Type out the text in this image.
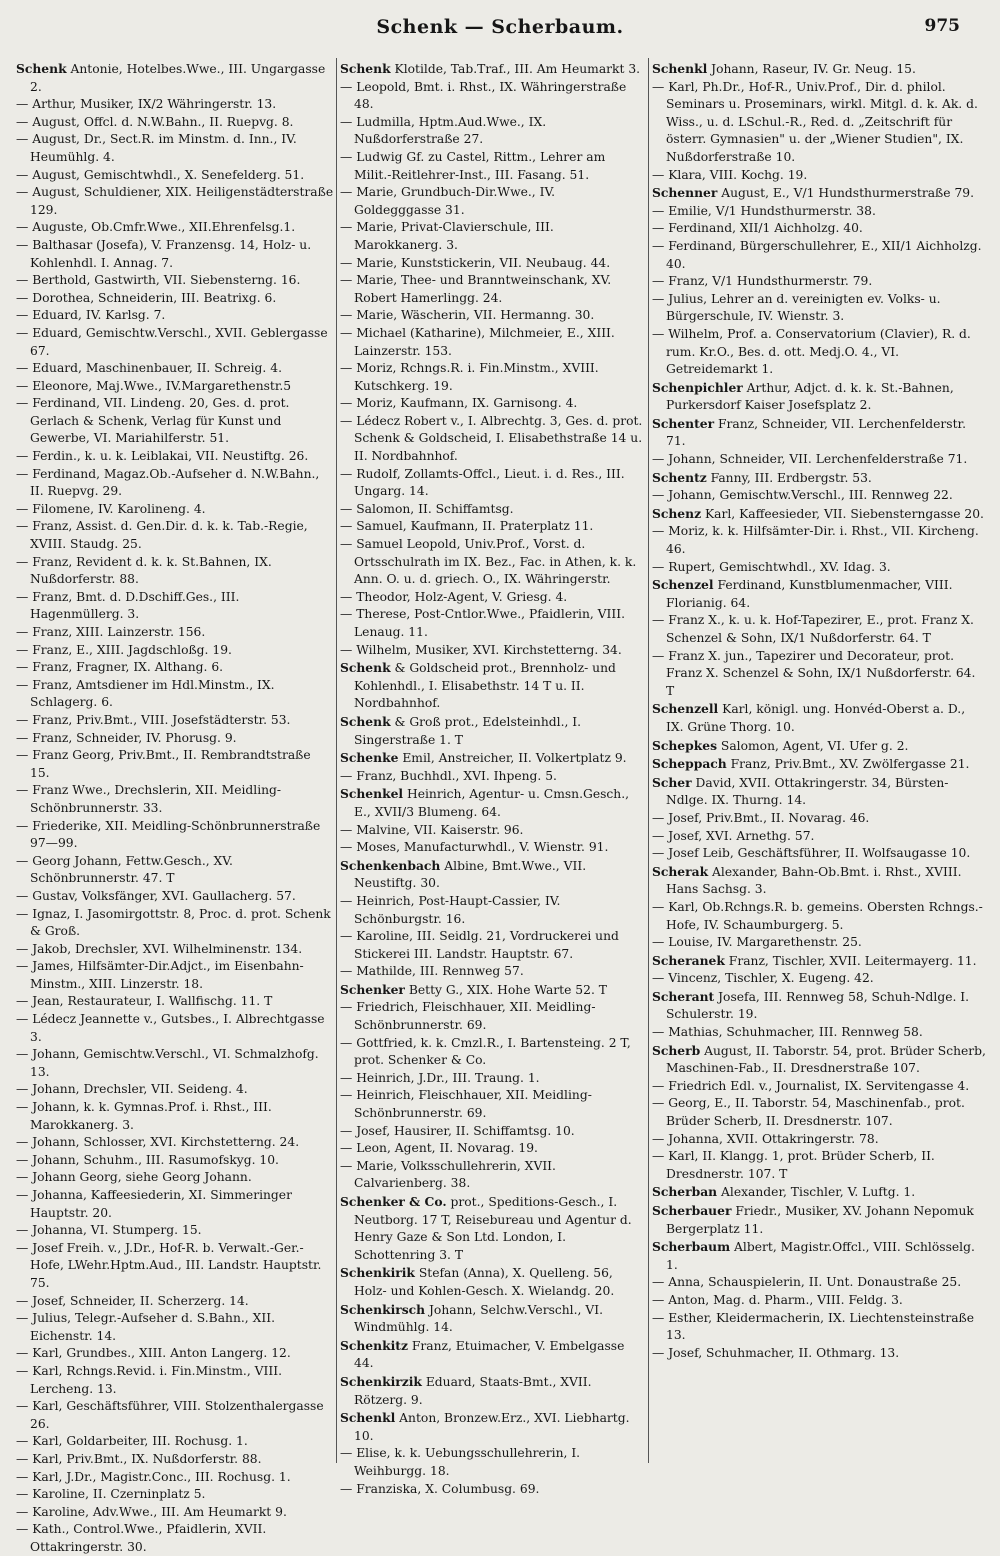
Schenk — Scherbaum.	975

Schenk Antonie, Hotelbes.Wwe., III. Ungargasse 2.

— Arthur, Musiker, IX/2 Währingerstr. 13.

— August, Offcl. d. N.W.Bahn., II. Ruepvg. 8.

— August, Dr., Sect.R. im Minstm. d. Inn., IV. Heumühlg. 4.

— August, Gemischtwhdl., X. Senefelderg. 51.

— August, Schuldiener, XIX. Heiligenstädterstraße 129.

— Auguste, Ob.Cmfr.Wwe., XII.Ehrenfelsg.1.

— Balthasar (Josefa), V. Franzensg. 14, Holz- u. Kohlenhdl. I. Annag. 7.

— Berthold, Gastwirth, VII. Siebensterng. 16.

— Dorothea, Schneiderin, III. Beatrixg. 6.

— Eduard, IV. Karlsg. 7.

— Eduard, Gemischtw.Verschl., XVII. Geblergasse 67.

— Eduard, Maschinenbauer, II. Schreig. 4.

— Eleonore, Maj.Wwe., IV.Margarethenstr.5

— Ferdinand, VII. Lindeng. 20, Ges. d. prot. Gerlach & Schenk, Verlag für Kunst und Gewerbe, VI. Mariahilferstr. 51.

— Ferdin., k. u. k. Leiblakai, VII. Neustiftg. 26.

— Ferdinand, Magaz.Ob.-Aufseher d. N.W.Bahn., II. Ruepvg. 29.

— Filomene, IV. Karolineng. 4.

— Franz, Assist. d. Gen.Dir. d. k. k. Tab.-Regie, XVIII. Staudg. 25.

— Franz, Revident d. k. k. St.Bahnen, IX. Nußdorferstr. 88.

— Franz, Bmt. d. D.Dschiff.Ges., III. Hagenmüllerg. 3.

— Franz, XIII. Lainzerstr. 156.

— Franz, E., XIII. Jagdschloßg. 19.

— Franz, Fragner, IX. Althang. 6.

— Franz, Amtsdiener im Hdl.Minstm., IX. Schlagerg. 6.

— Franz, Priv.Bmt., VIII. Josefstädterstr. 53.

— Franz, Schneider, IV. Phorusg. 9.

— Franz Georg, Priv.Bmt., II. Rembrandtstraße 15.

— Franz Wwe., Drechslerin, XII. Meidling-Schönbrunnerstr. 33.

— Friederike, XII. Meidling-Schönbrunnerstraße 97—99.

— Georg Johann, Fettw.Gesch., XV. Schönbrunnerstr. 47. T

— Gustav, Volksfänger, XVI. Gaullacherg. 57.

— Ignaz, I. Jasomirgottstr. 8, Proc. d. prot. Schenk & Groß.

— Jakob, Drechsler, XVI. Wilhelminenstr. 134.

— James, Hilfsämter-Dir.Adjct., im Eisenbahn-Minstm., XIII. Linzerstr. 18.

— Jean, Restaurateur, I. Wallfischg. 11. T

— Lédecz Jeannette v., Gutsbes., I. Albrechtgasse 3.

— Johann, Gemischtw.Verschl., VI. Schmalzhofg. 13.

— Johann, Drechsler, VII. Seideng. 4.

— Johann, k. k. Gymnas.Prof. i. Rhst., III. Marokkanerg. 3.

— Johann, Schlosser, XVI. Kirchstetterng. 24.

— Johann, Schuhm., III. Rasumofskyg. 10.

— Johann Georg, siehe Georg Johann.

— Johanna, Kaffeesiederin, XI. Simmeringer Hauptstr. 20.

— Johanna, VI. Stumperg. 15.

— Josef Freih. v., J.Dr., Hof-R. b. Verwalt.-Ger.-Hofe, LWehr.Hptm.Aud., III. Landstr. Hauptstr. 75.

— Josef, Schneider, II. Scherzerg. 14.

— Julius, Telegr.-Aufseher d. S.Bahn., XII. Eichenstr. 14.

— Karl, Grundbes., XIII. Anton Langerg. 12.

— Karl, Rchngs.Revid. i. Fin.Minstm., VIII. Lercheng. 13.

— Karl, Geschäftsführer, VIII. Stolzenthalergasse 26.

— Karl, Goldarbeiter, III. Rochusg. 1.

— Karl, Priv.Bmt., IX. Nußdorferstr. 88.

— Karl, J.Dr., Magistr.Conc., III. Rochusg. 1.

— Karoline, II. Czerninplatz 5.

— Karoline, Adv.Wwe., III. Am Heumarkt 9.

— Kath., Control.Wwe., Pfaidlerin, XVII. Ottakringerstr. 30.

Schenk Klotilde, Tab.Traf., III. Am Heumarkt 3.

— Leopold, Bmt. i. Rhst., IX. Währingerstraße 48.

— Ludmilla, Hptm.Aud.Wwe., IX. Nußdorferstraße 27.

— Ludwig Gf. zu Castel, Rittm., Lehrer am Milit.-Reitlehrer-Inst., III. Fasang. 51.

— Marie, Grundbuch-Dir.Wwe., IV. Goldegggasse 31.

— Marie, Privat-Clavierschule, III. Marokkanerg. 3.

— Marie, Kunststickerin, VII. Neubaug. 44.

— Marie, Thee- und Branntweinschank, XV. Robert Hamerlingg. 24.

— Marie, Wäscherin, VII. Hermanng. 30.

— Michael (Katharine), Milchmeier, E., XIII. Lainzerstr. 153.

— Moriz, Rchngs.R. i. Fin.Minstm., XVIII. Kutschkerg. 19.

— Moriz, Kaufmann, IX. Garnisong. 4.

— Lédecz Robert v., I. Albrechtg. 3, Ges. d. prot. Schenk & Goldscheid, I. Elisabethstraße 14 u. II. Nordbahnhof.

— Rudolf, Zollamts-Offcl., Lieut. i. d. Res., III. Ungarg. 14.

— Salomon, II. Schiffamtsg.

— Samuel, Kaufmann, II. Praterplatz 11.

— Samuel Leopold, Univ.Prof., Vorst. d. Ortsschulrath im IX. Bez., Fac. in Athen, k. k. Ann. O. u. d. griech. O., IX. Währingerstr.

— Theodor, Holz-Agent, V. Griesg. 4.

— Therese, Post-Cntlor.Wwe., Pfaidlerin, VIII. Lenaug. 11.

— Wilhelm, Musiker, XVI. Kirchstetterng. 34.

Schenk & Goldscheid prot., Brennholz- und Kohlenhdl., I. Elisabethstr. 14 T u. II. Nordbahnhof.

Schenk & Groß prot., Edelsteinhdl., I. Singerstraße 1. T

Schenke Emil, Anstreicher, II. Volkertplatz 9.

— Franz, Buchhdl., XVI. Ihpeng. 5.

Schenkel Heinrich, Agentur- u. Cmsn.Gesch., E., XVII/3 Blumeng. 64.

— Malvine, VII. Kaiserstr. 96.

— Moses, Manufacturwhdl., V. Wienstr. 91.

Schenkenbach Albine, Bmt.Wwe., VII. Neustiftg. 30.

— Heinrich, Post-Haupt-Cassier, IV. Schönburgstr. 16.

— Karoline, III. Seidlg. 21, Vordruckerei und Stickerei III. Landstr. Hauptstr. 67.

— Mathilde, III. Rennweg 57.

Schenker Betty G., XIX. Hohe Warte 52. T

— Friedrich, Fleischhauer, XII. Meidling-Schönbrunnerstr. 69.

— Gottfried, k. k. Cmzl.R., I. Bartensteing. 2 T, prot. Schenker & Co.

— Heinrich, J.Dr., III. Traung. 1.

— Heinrich, Fleischhauer, XII. Meidling-Schönbrunnerstr. 69.

— Josef, Hausirer, II. Schiffamtsg. 10.

— Leon, Agent, II. Novarag. 19.

— Marie, Volksschullehrerin, XVII. Calvarienberg. 38.

Schenker & Co. prot., Speditions-Gesch., I. Neutborg. 17 T, Reisebureau und Agentur d. Henry Gaze & Son Ltd. London, I. Schottenring 3. T

Schenkirik Stefan (Anna), X. Quelleng. 56, Holz- und Kohlen-Gesch. X. Wielandg. 20.

Schenkirsch Johann, Selchw.Verschl., VI. Windmühlg. 14.

Schenkitz Franz, Etuimacher, V. Embelgasse 44.

Schenkirzik Eduard, Staats-Bmt., XVII. Rötzerg. 9.

Schenkl Anton, Bronzew.Erz., XVI. Liebhartg. 10.

— Elise, k. k. Uebungsschullehrerin, I. Weihburgg. 18.

— Franziska, X. Columbusg. 69.

Schenkl Johann, Raseur, IV. Gr. Neug. 15.

— Karl, Ph.Dr., Hof-R., Univ.Prof., Dir. d. philol. Seminars u. Proseminars, wirkl. Mitgl. d. k. Ak. d. Wiss., u. d. LSchul.-R., Red. d. „Zeitschrift für österr. Gymnasien" u. der „Wiener Studien", IX. Nußdorferstraße 10.

— Klara, VIII. Kochg. 19.

Schenner August, E., V/1 Hundsthurmerstraße 79.

— Emilie, V/1 Hundsthurmerstr. 38.

— Ferdinand, XII/1 Aichholzg. 40.

— Ferdinand, Bürgerschullehrer, E., XII/1 Aichholzg. 40.

— Franz, V/1 Hundsthurmerstr. 79.

— Julius, Lehrer an d. vereinigten ev. Volks- u. Bürgerschule, IV. Wienstr. 3.

— Wilhelm, Prof. a. Conservatorium (Clavier), R. d. rum. Kr.O., Bes. d. ott. Medj.O. 4., VI. Getreidemarkt 1.

Schenpichler Arthur, Adjct. d. k. k. St.-Bahnen, Purkersdorf Kaiser Josefsplatz 2.

Schenter Franz, Schneider, VII. Lerchenfelderstr. 71.

— Johann, Schneider, VII. Lerchenfelderstraße 71.

Schentz Fanny, III. Erdbergstr. 53.

— Johann, Gemischtw.Verschl., III. Rennweg 22.

Schenz Karl, Kaffeesieder, VII. Siebensterngasse 20.

— Moriz, k. k. Hilfsämter-Dir. i. Rhst., VII. Kircheng. 46.

— Rupert, Gemischtwhdl., XV. Idag. 3.

Schenzel Ferdinand, Kunstblumenmacher, VIII. Florianig. 64.

— Franz X., k. u. k. Hof-Tapezirer, E., prot. Franz X. Schenzel & Sohn, IX/1 Nußdorferstr. 64. T

— Franz X. jun., Tapezirer und Decorateur, prot. Franz X. Schenzel & Sohn, IX/1 Nußdorferstr. 64. T

Schenzell Karl, königl. ung. Honvéd-Oberst a. D., IX. Grüne Thorg. 10.

Schepkes Salomon, Agent, VI. Ufer g. 2.

Scheppach Franz, Priv.Bmt., XV. Zwölfergasse 21.

Scher David, XVII. Ottakringerstr. 34, Bürsten-Ndlge. IX. Thurng. 14.

— Josef, Priv.Bmt., II. Novarag. 46.

— Josef, XVI. Arnethg. 57.

— Josef Leib, Geschäftsführer, II. Wolfsaugasse 10.

Scherak Alexander, Bahn-Ob.Bmt. i. Rhst., XVIII. Hans Sachsg. 3.

— Karl, Ob.Rchngs.R. b. gemeins. Obersten Rchngs.-Hofe, IV. Schaumburgerg. 5.

— Louise, IV. Margarethenstr. 25.

Scheranek Franz, Tischler, XVII. Leitermayerg. 11.

— Vincenz, Tischler, X. Eugeng. 42.

Scherant Josefa, III. Rennweg 58, Schuh-Ndlge. I. Schulerstr. 19.

— Mathias, Schuhmacher, III. Rennweg 58.

Scherb August, II. Taborstr. 54, prot. Brüder Scherb, Maschinen-Fab., II. Dresdnerstraße 107.

— Friedrich Edl. v., Journalist, IX. Servitengasse 4.

— Georg, E., II. Taborstr. 54, Maschinenfab., prot. Brüder Scherb, II. Dresdnerstr. 107.

— Johanna, XVII. Ottakringerstr. 78.

— Karl, II. Klangg. 1, prot. Brüder Scherb, II. Dresdnerstr. 107. T

Scherban Alexander, Tischler, V. Luftg. 1.

Scherbauer Friedr., Musiker, XV. Johann Nepomuk Bergerplatz 11.

Scherbaum Albert, Magistr.Offcl., VIII. Schlösselg. 1.

— Anna, Schauspielerin, II. Unt. Donaustraße 25.

— Anton, Mag. d. Pharm., VIII. Feldg. 3.

— Esther, Kleidermacherin, IX. Liechtensteinstraße 13.

— Josef, Schuhmacher, II. Othmarg. 13.
